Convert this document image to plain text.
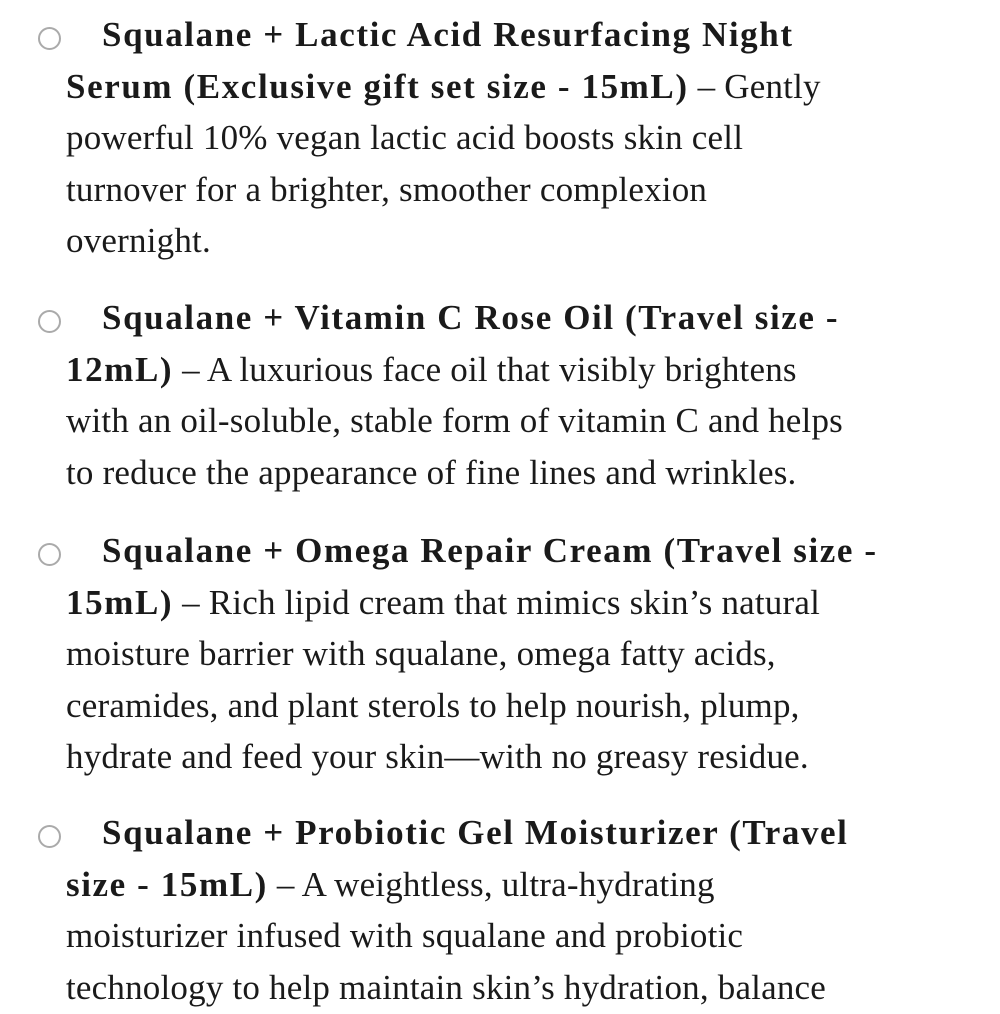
Squalane + Lactic Acid Resurfacing Night
Serum (Exclusive gift set size - 15mL) – Gently
powerful 10% vegan lactic acid boosts skin cell
turnover for a brighter, smoother complexion
overnight.
Squalane + Vitamin C Rose Oil (Travel size -
12mL) – A luxurious face oil that visibly brightens
with an oil-soluble, stable form of vitamin C and helps
to reduce the appearance of fine lines and wrinkles.
Squalane + Omega Repair Cream (Travel size -
15mL) – Rich lipid cream that mimics skin’s natural
moisture barrier with squalane, omega fatty acids,
ceramides, and plant sterols to help nourish, plump,
hydrate and feed your skin—with no greasy residue.
Squalane + Probiotic Gel Moisturizer (Travel
size - 15mL) – A weightless, ultra-hydrating
moisturizer infused with squalane and probiotic
technology to help maintain skin’s hydration, balance
